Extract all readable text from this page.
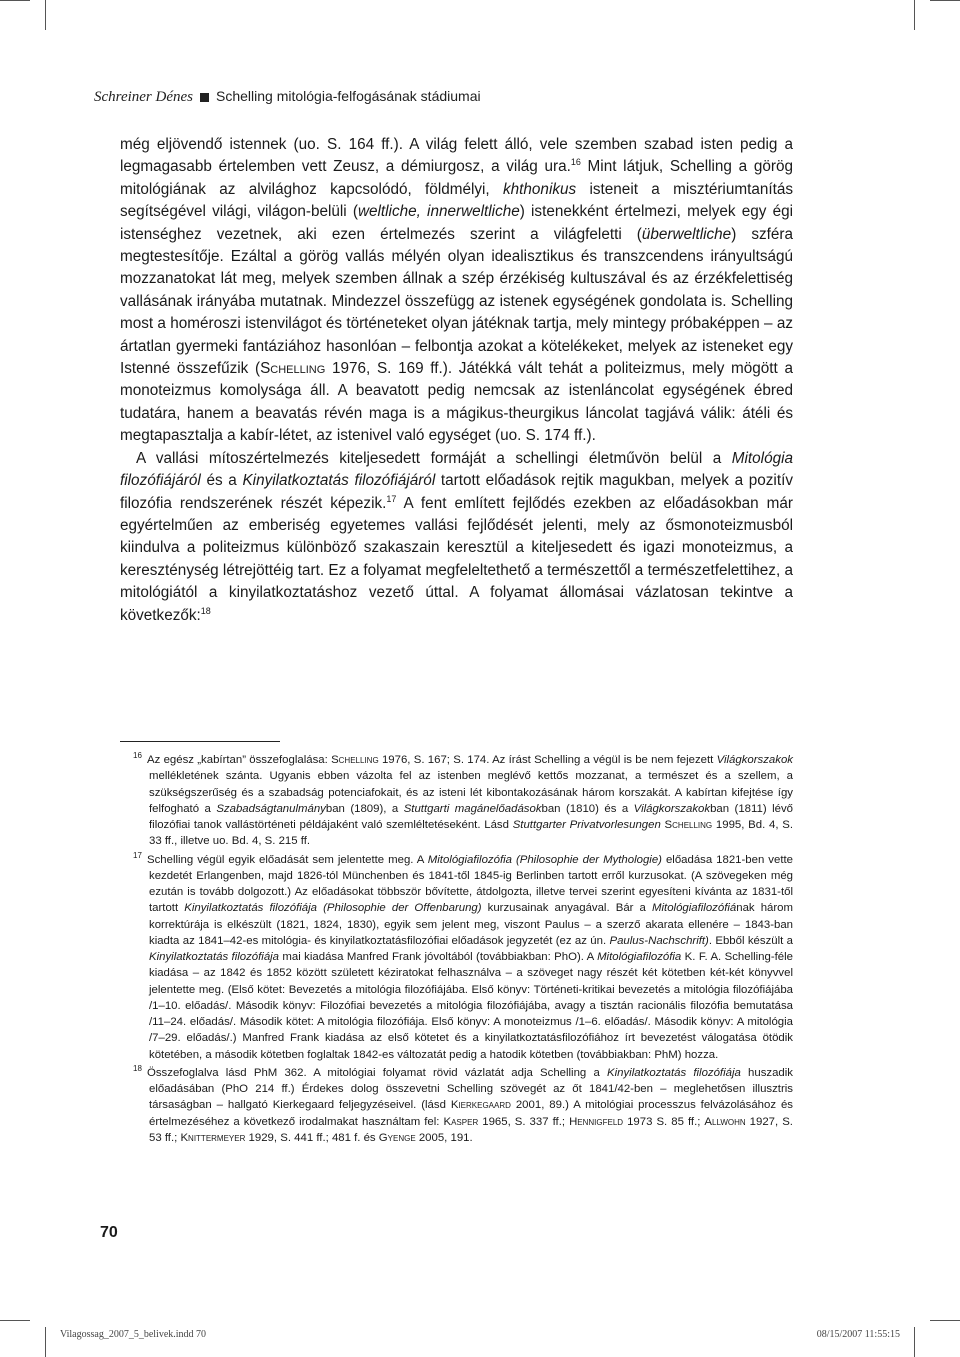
Schreiner Dénes Schelling mitológia-felfogásának stádiumai

még eljövendő istennek (uo. S. 164 ff.). A világ felett álló, vele szemben szabad isten pedig a legmagasabb értelemben vett Zeusz, a démiurgosz, a világ ura.$^{16}$ Mint látjuk, Schelling a görög mitológiának az alvilághoz kapcsolódó, földmélyi, khthonikus isteneit a misztériumtanítás segítségével világi, világon-belüli (weltliche, innerweltliche) istenekként értelmezi, melyek egy égi istenséghez vezetnek, aki ezen értelmezés szerint a világfeletti (überweltliche) szféra megtestesítője. Ezáltal a görög vallás mélyén olyan idealisztikus és transzcendens irányultságú mozzanatokat lát meg, melyek szemben állnak a szép érzékiség kultuszával és az érzékfelettiség vallásának irányába mutatnak. Mindezzel összefügg az istenek egységének gondolata is. Schelling most a homéroszi istenvilágot és történeteket olyan játéknak tartja, mely mintegy próbaképpen – az ártatlan gyermeki fantáziához hasonlóan – felbontja azokat a kötelékeket, melyek az isteneket egy Istenné összefűzik (Schelling 1976, S. 169 ff.). Játékká vált tehát a politeizmus, mely mögött a monoteizmus komolysága áll. A beavatott pedig nemcsak az istenláncolat egységének ébred tudatára, hanem a beavatás révén maga is a mágikus-theurgikus láncolat tagjává válik: átéli és megtapasztalja a kabír-létet, az istenivel való egységet (uo. S. 174 ff.).

A vallási mítoszértelmezés kiteljesedett formáját a schellingi életművön belül a Mitológia filozófiájáról és a Kinyilatkoztatás filozófiájáról tartott előadások rejtik magukban, melyek a pozitív filozófia rendszerének részét képezik.$^{17}$ A fent említett fejlődés ezekben az előadásokban már egyértelműen az emberiség egyetemes vallási fejlődését jelenti, mely az ősmonoteizmusból kiindulva a politeizmus különböző szakaszain keresztül a kiteljesedett és igazi monoteizmus, a kereszténység létrejöttéig tart. Ez a folyamat megfeleltethető a természettől a természetfelettihez, a mitológiától a kinyilatkoztatáshoz vezető úttal. A folyamat állomásai vázlatosan tekintve a következők:$^{18}$

16 Az egész „kabírtan” összefoglalása: Schelling 1976, S. 167; S. 174. Az írást Schelling a végül is be nem fejezett Világkorszakok mellékletének szánta. Ugyanis ebben vázolta fel az istenben meglévő kettős mozzanat, a természet és a szellem, a szükségszerűség és a szabadság potenciafokait, és az isteni lét kibontakozásának három korszakát. A kabírtan kifejtése így felfogható a Szabadságtanulmányban (1809), a Stuttgarti magánelőadásokban (1810) és a Világkorszakokban (1811) lévő filozófiai tanok vallástörténeti példájaként való szemléltetéseként. Lásd Stuttgarter Privatvorlesungen Schelling 1995, Bd. 4, S. 33 ff., illetve uo. Bd. 4, S. 215 ff.

17 Schelling végül egyik előadását sem jelentette meg. A Mitológiafilozófia (Philosophie der Mythologie) előadása 1821-ben vette kezdetét Erlangenben, majd 1826-tól Münchenben és 1841-től 1845-ig Berlinben tartott erről kurzusokat. (A szövegeken még ezután is tovább dolgozott.) Az előadásokat többször bővítette, átdolgozta, illetve tervei szerint egyesíteni kívánta az 1831-től tartott Kinyilatkoztatás filozófiája (Philosophie der Offenbarung) kurzusainak anyagával. Bár a Mitológiafilozófiának három korrektúrája is elkészült (1821, 1824, 1830), egyik sem jelent meg, viszont Paulus – a szerző akarata ellenére – 1843-ban kiadta az 1841–42-es mitológia- és kinyilatkoztatásfilozófiai előadások jegyzetét (ez az ún. Paulus-Nachschrift). Ebből készült a Kinyilatkoztatás filozófiája mai kiadása Manfred Frank jóvoltából (továbbiakban: PhO). A Mitológiafilozófia K. F. A. Schelling-féle kiadása – az 1842 és 1852 között született kéziratokat felhasználva – a szöveget nagy részét két kötetben két-két könyvvel jelentette meg. (Első kötet: Bevezetés a mitológia filozófiájába. Első könyv: Történeti-kritikai bevezetés a mitológia filozófiájába /1–10. előadás/. Második könyv: Filozófiai bevezetés a mitológia filozófiájába, avagy a tisztán racionális filozófia bemutatása /11–24. előadás/. Második kötet: A mitológia filozófiája. Első könyv: A monoteizmus /1–6. előadás/. Második könyv: A mitológia /7–29. előadás/.) Manfred Frank kiadása az első kötetet és a kinyilatkoztatásfilozófiához írt bevezetést válogatása ötödik kötetében, a második kötetben foglaltak 1842-es változatát pedig a hatodik kötetben (továbbiakban: PhM) hozza.

18 Összefoglalva lásd PhM 362. A mitológiai folyamat rövid vázlatát adja Schelling a Kinyilatkoztatás filozófiája huszadik előadásában (PhO 214 ff.) Érdekes dolog összevetni Schelling szövegét az őt 1841/42-ben – meglehetősen illusztris társaságban – hallgató Kierkegaard feljegyzéseivel. (lásd Kierkegaard 2001, 89.) A mitológiai processzus felvázolásához és értelmezéséhez a következő irodalmakat használtam fel: Kasper 1965, S. 337 ff.; Hennigfeld 1973 S. 85 ff.; Allwohn 1927, S. 53 ff.; Knittermeyer 1929, S. 441 ff.; 481 f. és Gyenge 2005, 191.

70
Vilagossag_2007_5_belivek.indd 70	08/15/2007 11:55:15
